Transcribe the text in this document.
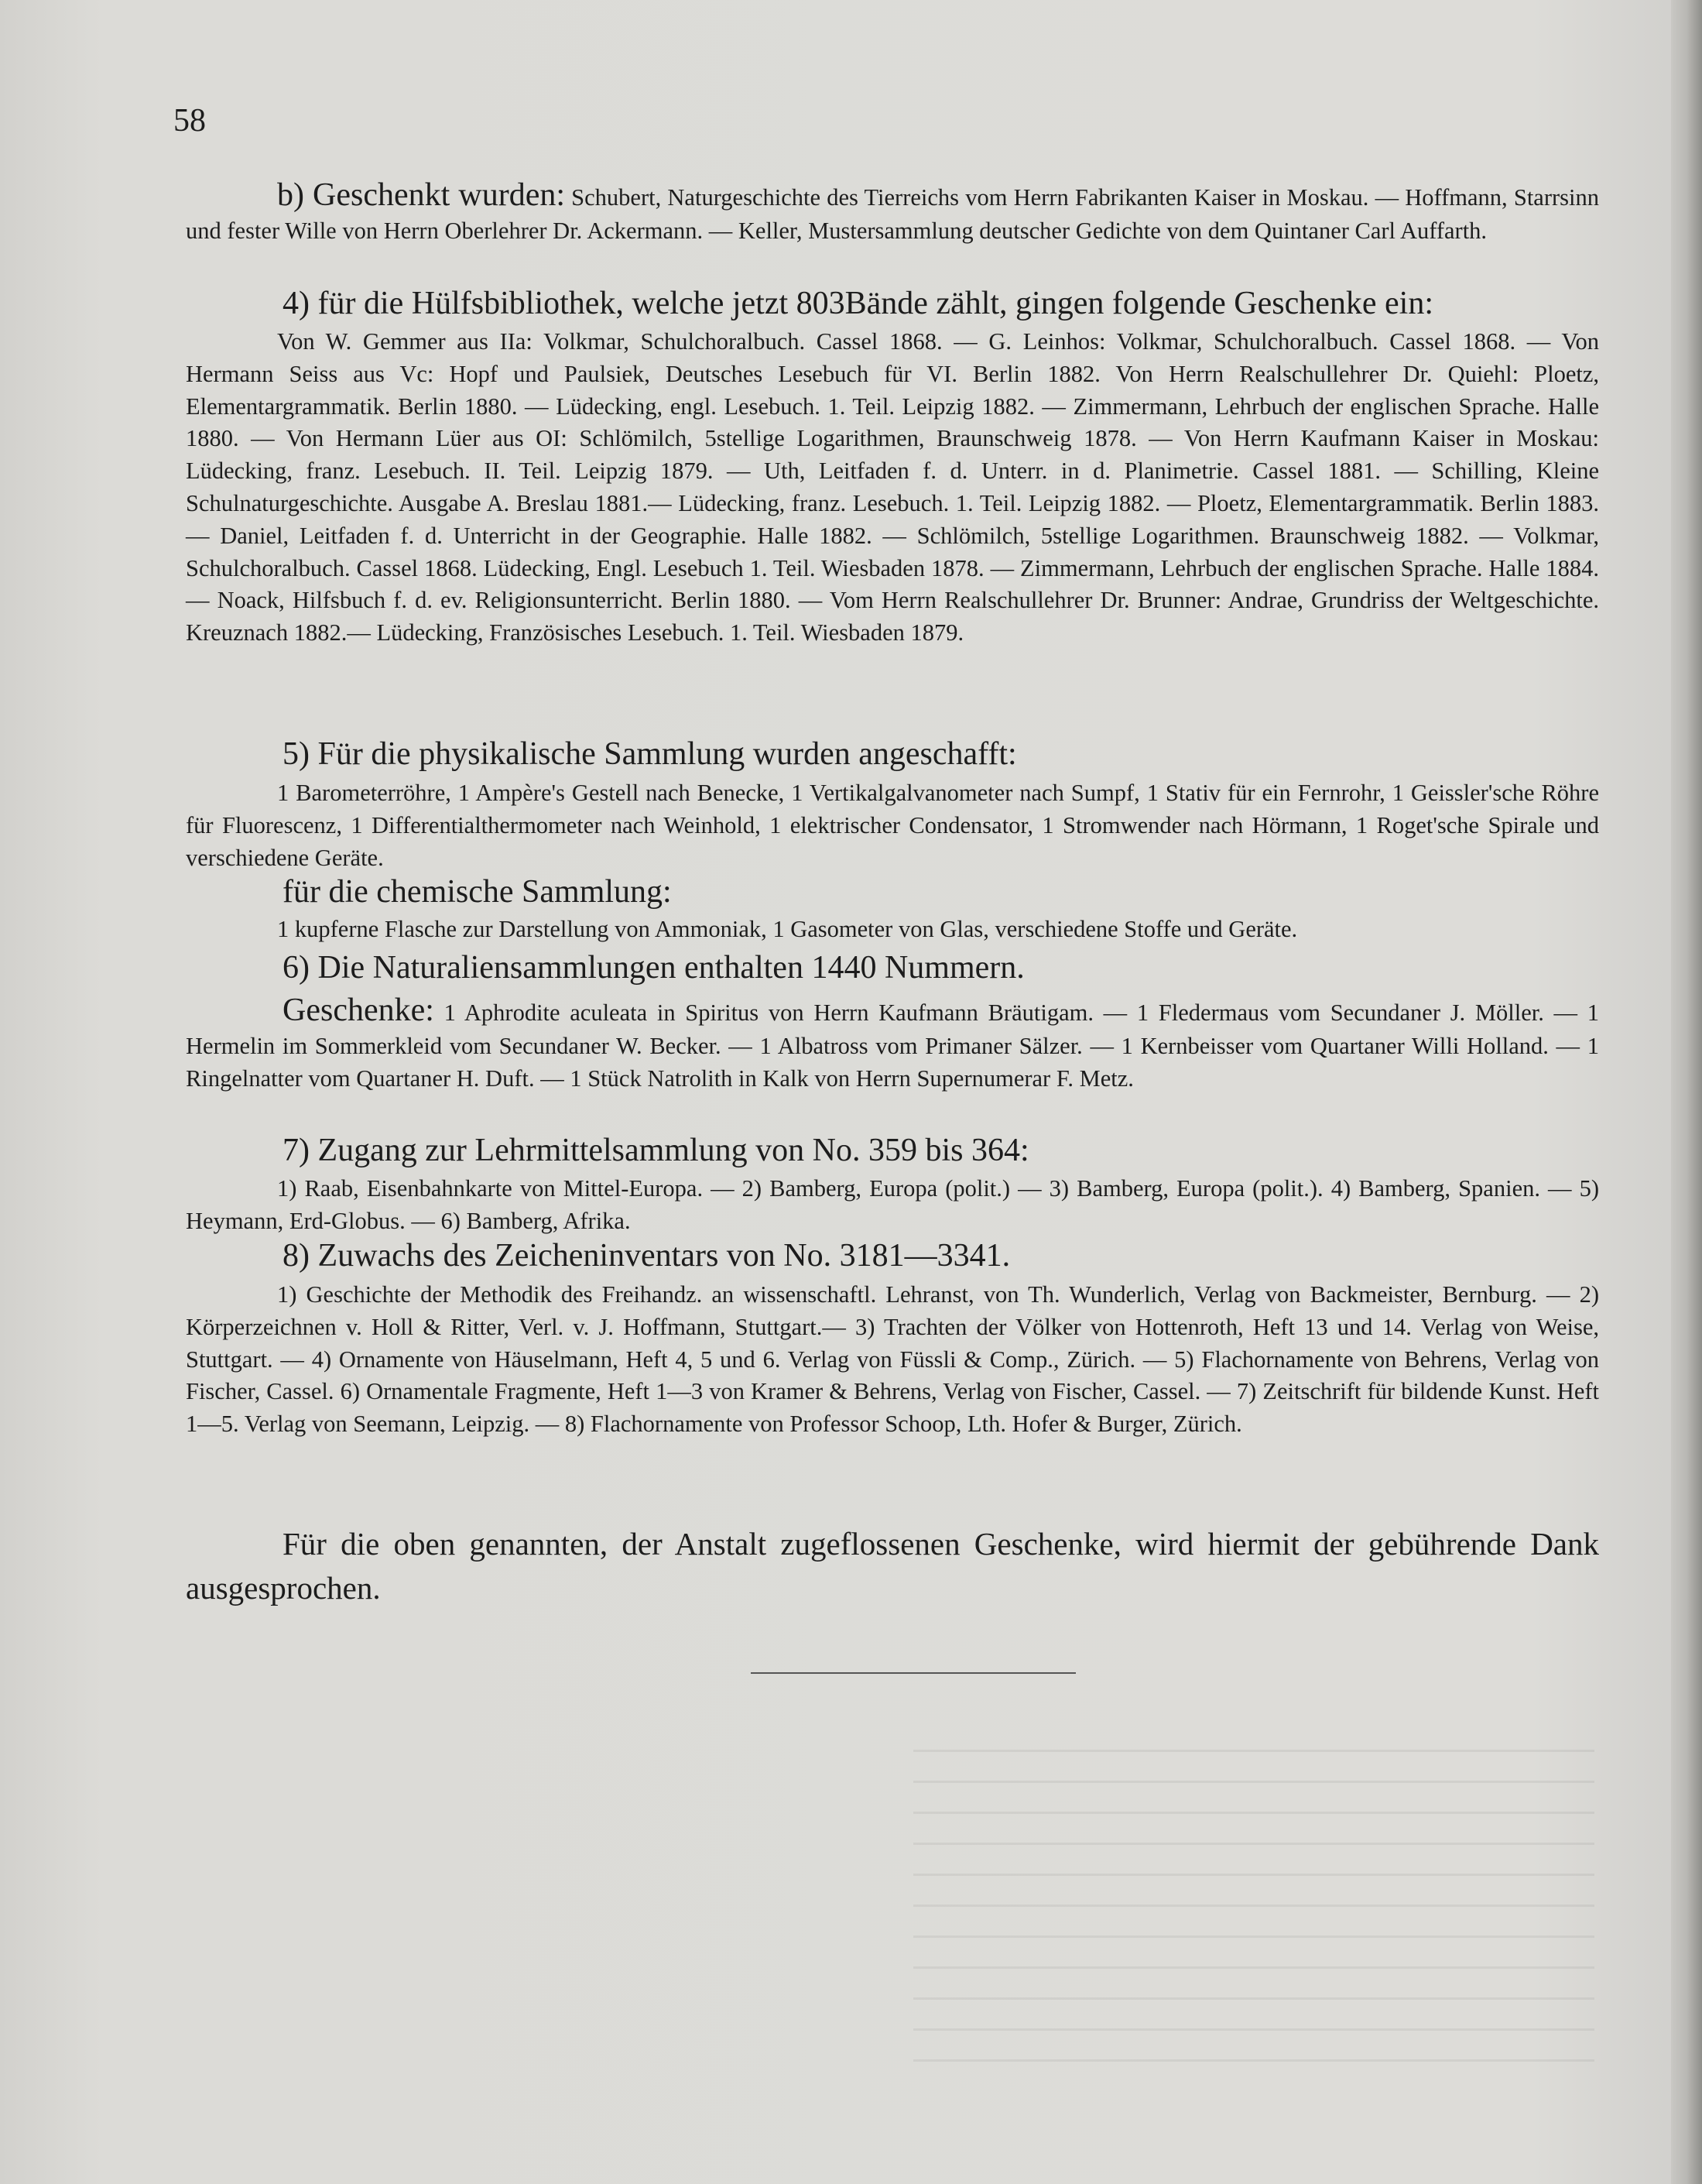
58

b) Geschenkt wurden: Schubert, Naturgeschichte des Tierreichs vom Herrn Fabrikanten Kaiser in Moskau. — Hoffmann, Starrsinn und fester Wille von Herrn Oberlehrer Dr. Ackermann. — Keller, Mustersammlung deutscher Gedichte von dem Quintaner Carl Auffarth.

4) für die Hülfsbibliothek, welche jetzt 803Bände zählt, gingen folgende Geschenke ein:

Von W. Gemmer aus IIa: Volkmar, Schulchoralbuch. Cassel 1868. — G. Leinhos: Volkmar, Schulchoralbuch. Cassel 1868. — Von Hermann Seiss aus Vc: Hopf und Paulsiek, Deutsches Lesebuch für VI. Berlin 1882. Von Herrn Realschullehrer Dr. Quiehl: Ploetz, Elementargrammatik. Berlin 1880. — Lüdecking, engl. Lesebuch. 1. Teil. Leipzig 1882. — Zimmermann, Lehrbuch der englischen Sprache. Halle 1880. — Von Hermann Lüer aus OI: Schlömilch, 5stellige Logarithmen, Braunschweig 1878. — Von Herrn Kaufmann Kaiser in Moskau: Lüdecking, franz. Lesebuch. II. Teil. Leipzig 1879. — Uth, Leitfaden f. d. Unterr. in d. Planimetrie. Cassel 1881. — Schilling, Kleine Schulnaturgeschichte. Ausgabe A. Breslau 1881.— Lüdecking, franz. Lesebuch. 1. Teil. Leipzig 1882. — Ploetz, Elementargrammatik. Berlin 1883. — Daniel, Leitfaden f. d. Unterricht in der Geographie. Halle 1882. — Schlömilch, 5stellige Logarithmen. Braunschweig 1882. — Volkmar, Schulchoralbuch. Cassel 1868. Lüdecking, Engl. Lesebuch 1. Teil. Wiesbaden 1878. — Zimmermann, Lehrbuch der englischen Sprache. Halle 1884. — Noack, Hilfsbuch f. d. ev. Religionsunterricht. Berlin 1880. — Vom Herrn Realschullehrer Dr. Brunner: Andrae, Grundriss der Weltgeschichte. Kreuznach 1882.— Lüdecking, Französisches Lesebuch. 1. Teil. Wiesbaden 1879.

5) Für die physikalische Sammlung wurden angeschafft:

1 Barometerröhre, 1 Ampère's Gestell nach Benecke, 1 Vertikalgalvanometer nach Sumpf, 1 Stativ für ein Fernrohr, 1 Geissler'sche Röhre für Fluorescenz, 1 Differentialthermometer nach Weinhold, 1 elektrischer Condensator, 1 Stromwender nach Hörmann, 1 Roget'sche Spirale und verschiedene Geräte.

für die chemische Sammlung:

1 kupferne Flasche zur Darstellung von Ammoniak, 1 Gasometer von Glas, verschiedene Stoffe und Geräte.

6) Die Naturaliensammlungen enthalten 1440 Nummern.

Geschenke: 1 Aphrodite aculeata in Spiritus von Herrn Kaufmann Bräutigam. — 1 Fledermaus vom Secundaner J. Möller. — 1 Hermelin im Sommerkleid vom Secundaner W. Becker. — 1 Albatross vom Primaner Sälzer. — 1 Kernbeisser vom Quartaner Willi Holland. — 1 Ringelnatter vom Quartaner H. Duft. — 1 Stück Natrolith in Kalk von Herrn Supernumerar F. Metz.

7) Zugang zur Lehrmittelsammlung von No. 359 bis 364:

1) Raab, Eisenbahnkarte von Mittel-Europa. — 2) Bamberg, Europa (polit.) — 3) Bamberg, Europa (polit.). 4) Bamberg, Spanien. — 5) Heymann, Erd-Globus. — 6) Bamberg, Afrika.

8) Zuwachs des Zeicheninventars von No. 3181—3341.

1) Geschichte der Methodik des Freihandz. an wissenschaftl. Lehranst, von Th. Wunderlich, Verlag von Backmeister, Bernburg. — 2) Körperzeichnen v. Holl & Ritter, Verl. v. J. Hoffmann, Stuttgart.— 3) Trachten der Völker von Hottenroth, Heft 13 und 14. Verlag von Weise, Stuttgart. — 4) Ornamente von Häuselmann, Heft 4, 5 und 6. Verlag von Füssli & Comp., Zürich. — 5) Flachornamente von Behrens, Verlag von Fischer, Cassel. 6) Ornamentale Fragmente, Heft 1—3 von Kramer & Behrens, Verlag von Fischer, Cassel. — 7) Zeitschrift für bildende Kunst. Heft 1—5. Verlag von Seemann, Leipzig. — 8) Flachornamente von Professor Schoop, Lth. Hofer & Burger, Zürich.

Für die oben genannten, der Anstalt zugeflossenen Geschenke, wird hiermit der gebührende Dank ausgesprochen.
